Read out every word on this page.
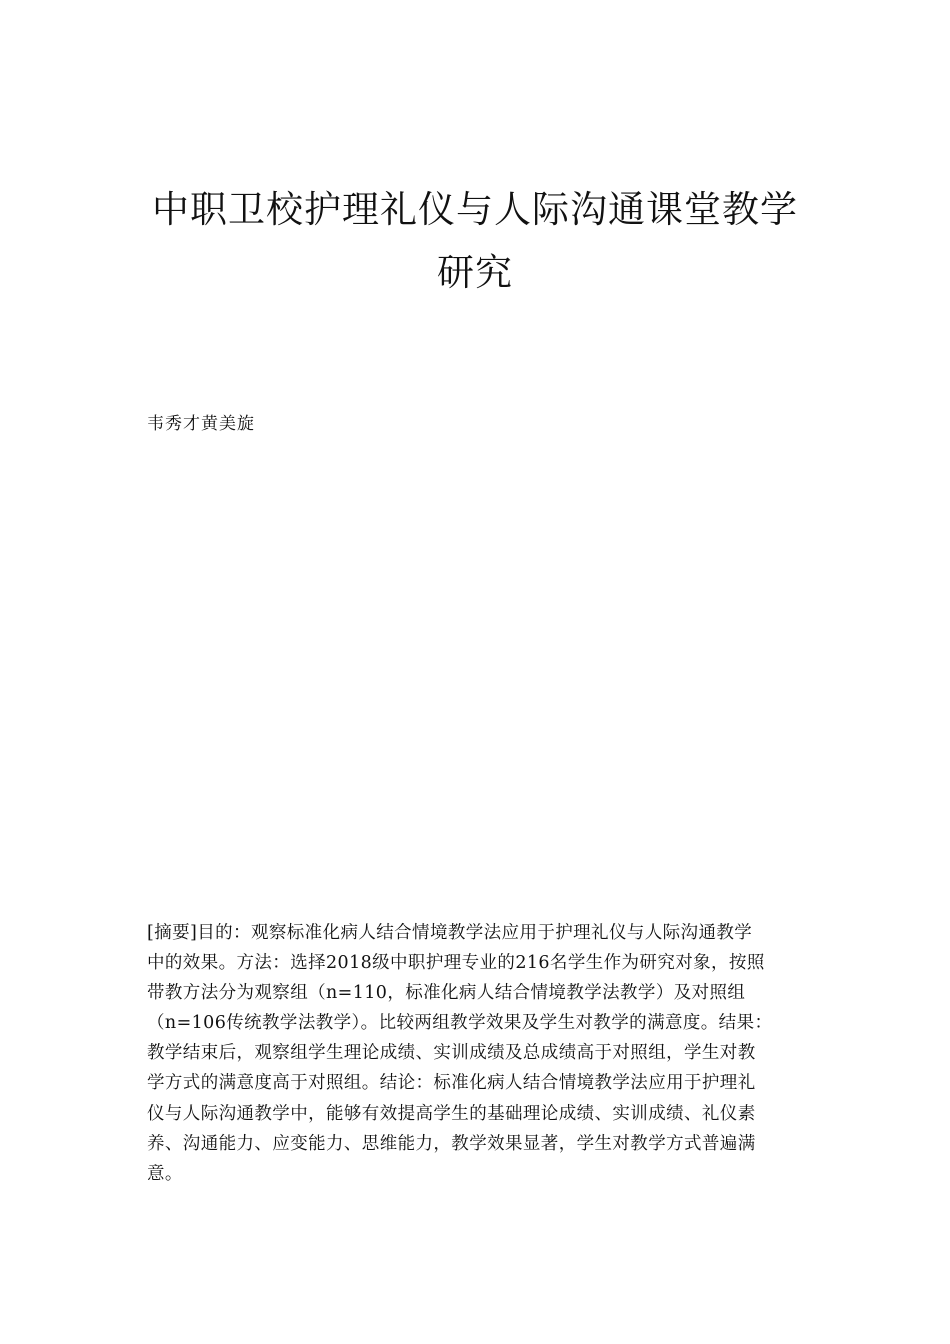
中职卫校护理礼仪与人际沟通课堂教学
研究

韦秀才黄美旋

[摘要]目的：观察标准化病人结合情境教学法应用于护理礼仪与人际沟通教学
中的效果。方法：选择2018级中职护理专业的216名学生作为研究对象，按照
带教方法分为观察组（n=110，标准化病人结合情境教学法教学）及对照组
（n=106传统教学法教学）。比较两组教学效果及学生对教学的满意度。结果：
教学结束后，观察组学生理论成绩、实训成绩及总成绩高于对照组，学生对教
学方式的满意度高于对照组。结论：标准化病人结合情境教学法应用于护理礼
仪与人际沟通教学中，能够有效提高学生的基础理论成绩、实训成绩、礼仪素
养、沟通能力、应变能力、思维能力，教学效果显著，学生对教学方式普遍满
意。
